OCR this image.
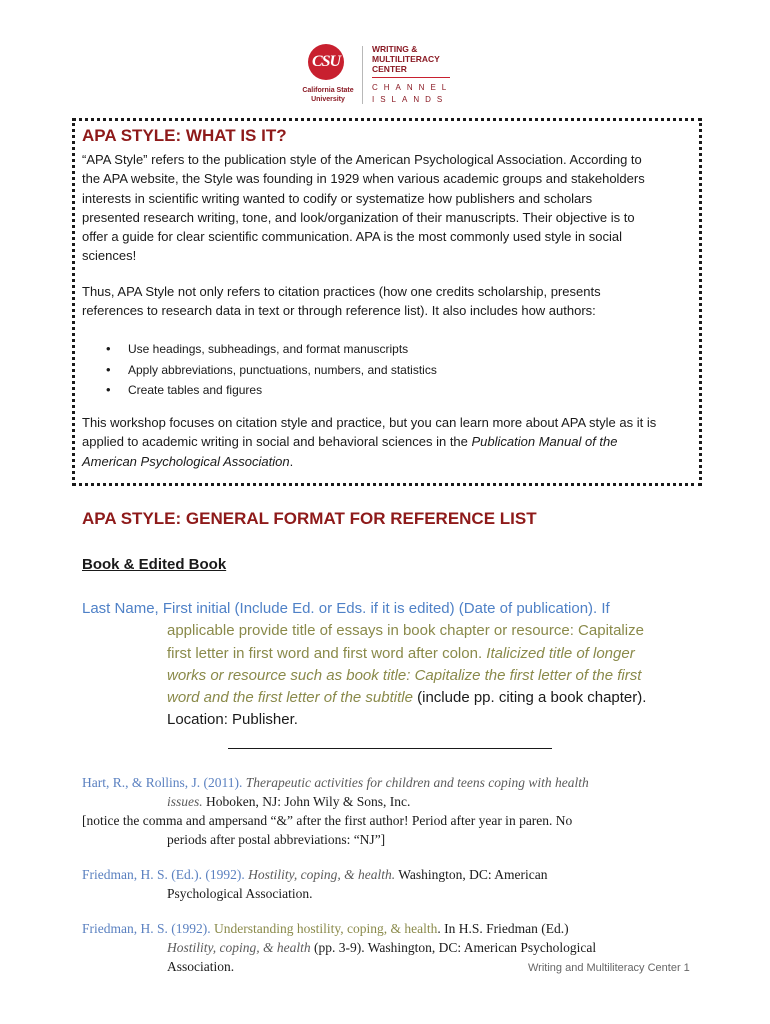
CSU
California State
University
WRITING &
MULTILITERACY
CENTER
CHANNEL
ISLANDS
APA STYLE: WHAT IS IT?

“APA Style” refers to the publication style of the American Psychological Association. According to
the APA website, the Style was founding in 1929 when various academic groups and stakeholders
interests in scientific writing wanted to codify or systematize how publishers and scholars
presented research writing, tone, and look/organization of their manuscripts. Their objective is to
offer a guide for clear scientific communication. APA is the most commonly used style in social
sciences!

Thus, APA Style not only refers to citation practices (how one credits scholarship, presents
references to research data in text or through reference list). It also includes how authors:

• Use headings, subheadings, and format manuscripts
• Apply abbreviations, punctuations, numbers, and statistics
• Create tables and figures

This workshop focuses on citation style and practice, but you can learn more about APA style as it is
applied to academic writing in social and behavioral sciences in the Publication Manual of the
American Psychological Association.

APA STYLE: GENERAL FORMAT FOR REFERENCE LIST
Book & Edited Book
Last Name, First initial (Include Ed. or Eds. if it is edited) (Date of publication). If
applicable provide title of essays in book chapter or resource: Capitalize
first letter in first word and first word after colon. Italicized title of longer
works or resource such as book title: Capitalize the first letter of the first
word and the first letter of the subtitle (include pp. citing a book chapter).
Location: Publisher.
Hart, R., & Rollins, J. (2011). Therapeutic activities for children and teens coping with health
issues. Hoboken, NJ: John Wily & Sons, Inc.
[notice the comma and ampersand “&” after the first author! Period after year in paren. No
periods after postal abbreviations: “NJ”]
Friedman, H. S. (Ed.). (1992). Hostility, coping, & health. Washington, DC: American
Psychological Association.
Friedman, H. S. (1992). Understanding hostility, coping, & health. In H.S. Friedman (Ed.)
Hostility, coping, & health (pp. 3-9). Washington, DC: American Psychological
Association.	Writing and Multiliteracy Center 1
